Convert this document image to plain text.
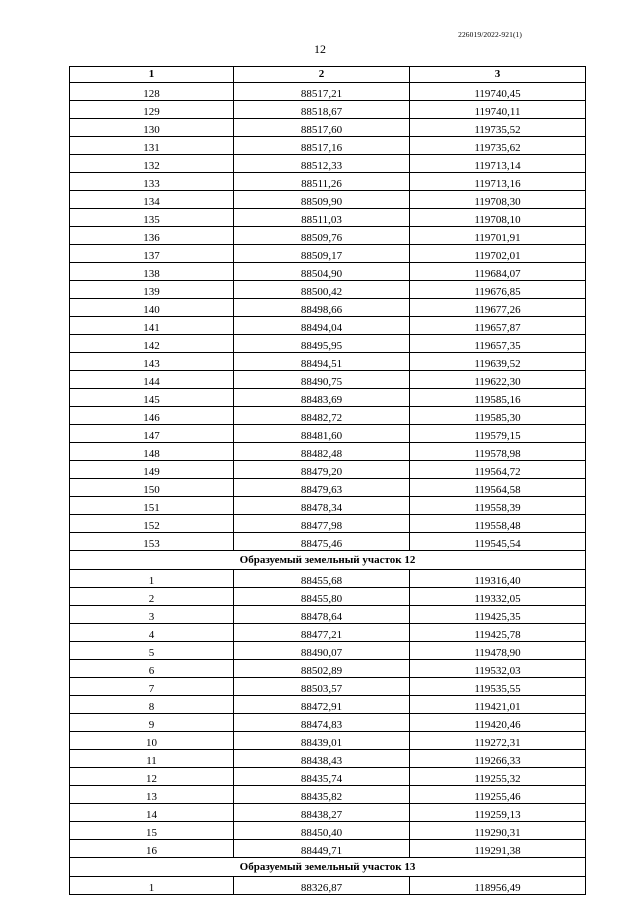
226019/2022-921(1)
12
1	2	3
128	88517,21	119740,45
129	88518,67	119740,11
130	88517,60	119735,52
131	88517,16	119735,62
132	88512,33	119713,14
133	88511,26	119713,16
134	88509,90	119708,30
135	88511,03	119708,10
136	88509,76	119701,91
137	88509,17	119702,01
138	88504,90	119684,07
139	88500,42	119676,85
140	88498,66	119677,26
141	88494,04	119657,87
142	88495,95	119657,35
143	88494,51	119639,52
144	88490,75	119622,30
145	88483,69	119585,16
146	88482,72	119585,30
147	88481,60	119579,15
148	88482,48	119578,98
149	88479,20	119564,72
150	88479,63	119564,58
151	88478,34	119558,39
152	88477,98	119558,48
153	88475,46	119545,54
Образуемый земельный участок 12		
1	88455,68	119316,40
2	88455,80	119332,05
3	88478,64	119425,35
4	88477,21	119425,78
5	88490,07	119478,90
6	88502,89	119532,03
7	88503,57	119535,55
8	88472,91	119421,01
9	88474,83	119420,46
10	88439,01	119272,31
11	88438,43	119266,33
12	88435,74	119255,32
13	88435,82	119255,46
14	88438,27	119259,13
15	88450,40	119290,31
16	88449,71	119291,38
Образуемый земельный участок 13		
1	88326,87	118956,49
